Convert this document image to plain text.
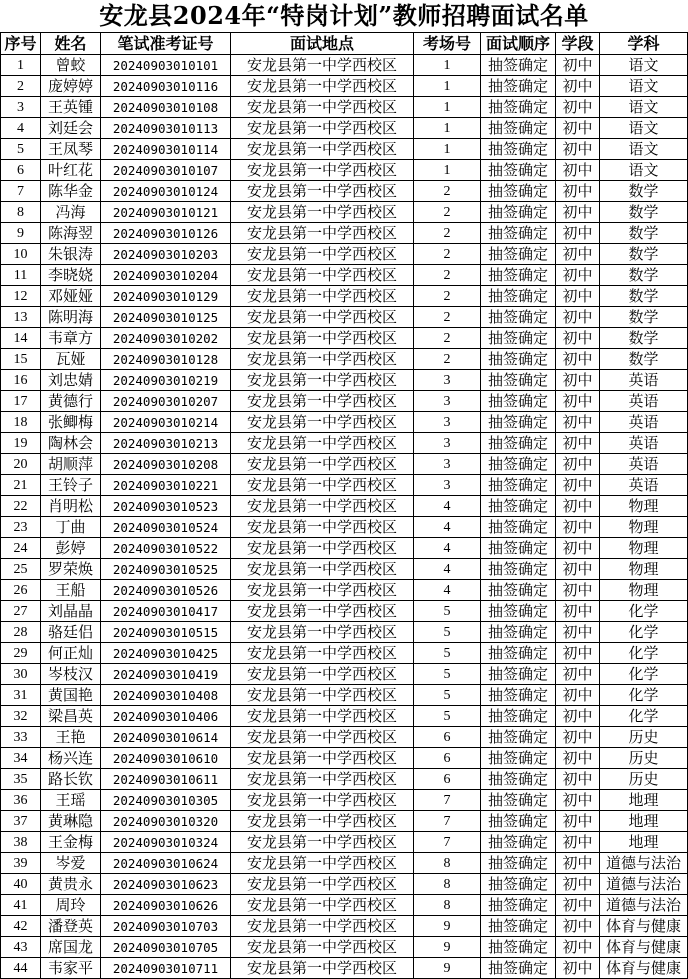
安龙县2024年“特岗计划”教师招聘面试名单
序号	姓名	笔试准考证号	面试地点	考场号	面试顺序	学段	学科
1	曾蛟	20240903010101	安龙县第一中学西校区	1	抽签确定	初中	语文
2	庞婷婷	20240903010116	安龙县第一中学西校区	1	抽签确定	初中	语文
3	王英锺	20240903010108	安龙县第一中学西校区	1	抽签确定	初中	语文
4	刘廷会	20240903010113	安龙县第一中学西校区	1	抽签确定	初中	语文
5	王凤琴	20240903010114	安龙县第一中学西校区	1	抽签确定	初中	语文
6	叶红花	20240903010107	安龙县第一中学西校区	1	抽签确定	初中	语文
7	陈华金	20240903010124	安龙县第一中学西校区	2	抽签确定	初中	数学
8	冯海	20240903010121	安龙县第一中学西校区	2	抽签确定	初中	数学
9	陈海翌	20240903010126	安龙县第一中学西校区	2	抽签确定	初中	数学
10	朱银涛	20240903010203	安龙县第一中学西校区	2	抽签确定	初中	数学
11	李晓娆	20240903010204	安龙县第一中学西校区	2	抽签确定	初中	数学
12	邓娅娅	20240903010129	安龙县第一中学西校区	2	抽签确定	初中	数学
13	陈明海	20240903010125	安龙县第一中学西校区	2	抽签确定	初中	数学
14	韦章方	20240903010202	安龙县第一中学西校区	2	抽签确定	初中	数学
15	瓦娅	20240903010128	安龙县第一中学西校区	2	抽签确定	初中	数学
16	刘忠婧	20240903010219	安龙县第一中学西校区	3	抽签确定	初中	英语
17	黄德行	20240903010207	安龙县第一中学西校区	3	抽签确定	初中	英语
18	张鲫梅	20240903010214	安龙县第一中学西校区	3	抽签确定	初中	英语
19	陶林会	20240903010213	安龙县第一中学西校区	3	抽签确定	初中	英语
20	胡顺萍	20240903010208	安龙县第一中学西校区	3	抽签确定	初中	英语
21	王铃子	20240903010221	安龙县第一中学西校区	3	抽签确定	初中	英语
22	肖明松	20240903010523	安龙县第一中学西校区	4	抽签确定	初中	物理
23	丁曲	20240903010524	安龙县第一中学西校区	4	抽签确定	初中	物理
24	彭婷	20240903010522	安龙县第一中学西校区	4	抽签确定	初中	物理
25	罗荣焕	20240903010525	安龙县第一中学西校区	4	抽签确定	初中	物理
26	王船	20240903010526	安龙县第一中学西校区	4	抽签确定	初中	物理
27	刘晶晶	20240903010417	安龙县第一中学西校区	5	抽签确定	初中	化学
28	骆廷侣	20240903010515	安龙县第一中学西校区	5	抽签确定	初中	化学
29	何正灿	20240903010425	安龙县第一中学西校区	5	抽签确定	初中	化学
30	岑枝汉	20240903010419	安龙县第一中学西校区	5	抽签确定	初中	化学
31	黄国艳	20240903010408	安龙县第一中学西校区	5	抽签确定	初中	化学
32	梁昌英	20240903010406	安龙县第一中学西校区	5	抽签确定	初中	化学
33	王艳	20240903010614	安龙县第一中学西校区	6	抽签确定	初中	历史
34	杨兴连	20240903010610	安龙县第一中学西校区	6	抽签确定	初中	历史
35	路长钦	20240903010611	安龙县第一中学西校区	6	抽签确定	初中	历史
36	王瑶	20240903010305	安龙县第一中学西校区	7	抽签确定	初中	地理
37	黄琳隐	20240903010320	安龙县第一中学西校区	7	抽签确定	初中	地理
38	王金梅	20240903010324	安龙县第一中学西校区	7	抽签确定	初中	地理
39	岑爱	20240903010624	安龙县第一中学西校区	8	抽签确定	初中	道德与法治
40	黄贵永	20240903010623	安龙县第一中学西校区	8	抽签确定	初中	道德与法治
41	周玲	20240903010626	安龙县第一中学西校区	8	抽签确定	初中	道德与法治
42	潘登英	20240903010703	安龙县第一中学西校区	9	抽签确定	初中	体育与健康
43	席国龙	20240903010705	安龙县第一中学西校区	9	抽签确定	初中	体育与健康
44	韦家平	20240903010711	安龙县第一中学西校区	9	抽签确定	初中	体育与健康
